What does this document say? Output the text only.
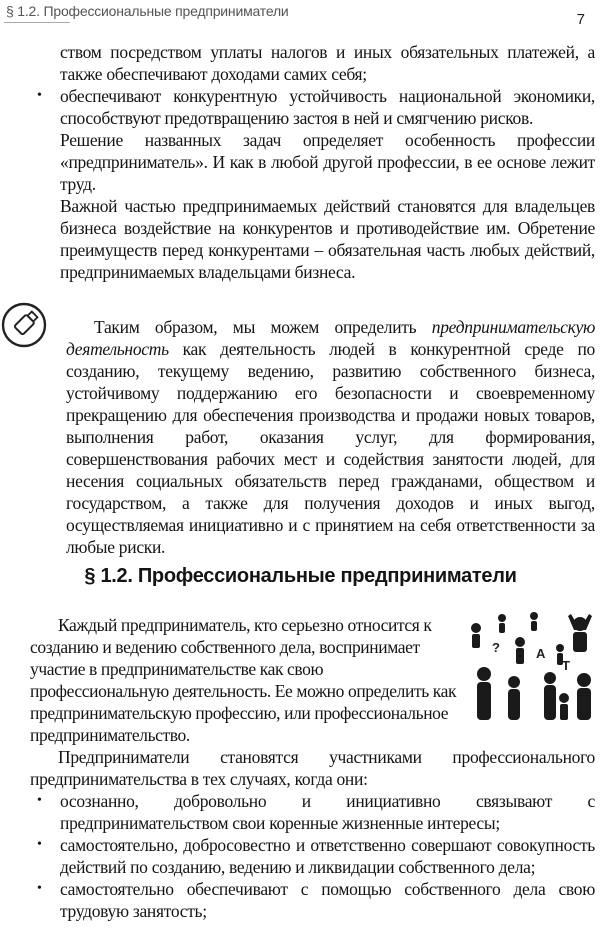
§ 1.2. Профессиональные предприниматели	7

ством посредством уплаты налогов и иных обязательных платежей, а также обеспечивают доходами самих себя;

• обеспечивают конкурентную устойчивость национальной экономики, способствуют предотвращению застоя в ней и смягчению рисков.

Решение названных задач определяет особенность профессии «предприниматель». И как в любой другой профессии, в ее основе лежит труд.

Важной частью предпринимаемых действий становятся для владельцев бизнеса воздействие на конкурентов и противодействие им. Обретение преимуществ перед конкурентами – обязательная часть любых действий, предпринимаемых владельцами бизнеса.

Таким образом, мы можем определить предпринимательскую деятельность как деятельность людей в конкурентной среде по созданию, текущему ведению, развитию собственного бизнеса, устойчивому поддержанию его безопасности и своевременному прекращению для обеспечения производства и продажи новых товаров, выполнения работ, оказания услуг, для формирования, совершенствования рабочих мест и содействия занятости людей, для несения социальных обязательств перед гражданами, обществом и государством, а также для получения доходов и иных выгод, осуществляемая инициативно и с принятием на себя ответственности за любые риски.

§ 1.2. Профессиональные предприниматели

Каждый предприниматель, кто серьезно относится к созданию и ведению собственного дела, воспринимает участие в предпринимательстве как свою профессиональную деятельность. Ее можно определить как предпринимательскую профессию, или профессиональное предпринимательство.

A
T
?

Предприниматели становятся участниками профессионального предпринимательства в тех случаях, когда они:

• осознанно, добровольно и инициативно связывают с предпринимательством свои коренные жизненные интересы;
• самостоятельно, добросовестно и ответственно совершают совокупность действий по созданию, ведению и ликвидации собственного дела;
• самостоятельно обеспечивают с помощью собственного дела свою трудовую занятость;
